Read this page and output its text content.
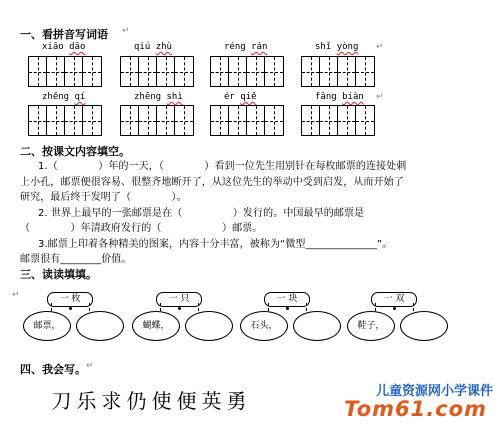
一、看拼音写词语 ↵
xiāo dāo	qiú zhù	réng rán	shǐ yòng ↵
zhěng qí	zhēng shì	ér qiě	fāng biàn ↵
二、按课文内容填空。
1.（　　　　）年的一天，（　　　　）看到一位先生用别针在每枚邮票的连接处刺
上小孔，邮票便很容易、很整齐地断开了，从这位先生的举动中受到启发，从而开始了
研究，最后终于发明了（　　　　）。
2. 世界上最早的一张邮票是在（　　　　　）发行的。中国最早的邮票是
（　　　　）年清政府发行的（　　　　　　）邮票。
3.邮票上印着各种精美的图案，内容十分丰富，被称为“微型______________”。
邮票很有________价值。
三、读读填填。
一 枚
邮票，
一 只
蝴蝶，
一 块
石头，
一 双
鞋子，
↵
四、我会写。 ↵
刀 乐 求 仍 使 便 英 勇	儿童资源网小学课件
Tom61.com
